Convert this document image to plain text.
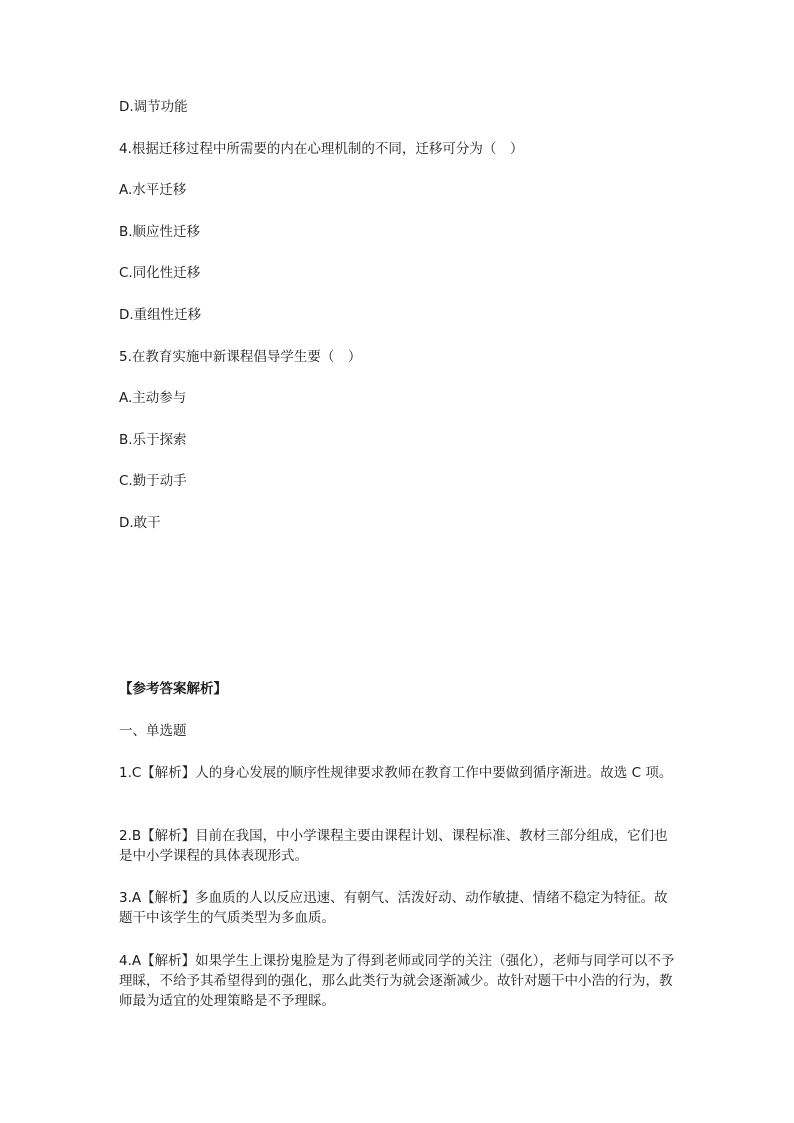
D.调节功能

4.根据迁移过程中所需要的内在心理机制的不同，迁移可分为（　）

A.水平迁移

B.顺应性迁移

C.同化性迁移

D.重组性迁移

5.在教育实施中新课程倡导学生要（　）

A.主动参与

B.乐于探索

C.勤于动手

D.敢干

【参考答案解析】

一、单选题

1.C【解析】人的身心发展的顺序性规律要求教师在教育工作中要做到循序渐进。故选 C 项。

2.B【解析】目前在我国，中小学课程主要由课程计划、课程标准、教材三部分组成，它们也是中小学课程的具体表现形式。

3.A【解析】多血质的人以反应迅速、有朝气、活泼好动、动作敏捷、情绪不稳定为特征。故题干中该学生的气质类型为多血质。

4.A【解析】如果学生上课扮鬼脸是为了得到老师或同学的关注（强化），老师与同学可以不予理睬，不给予其希望得到的强化，那么此类行为就会逐渐减少。故针对题干中小浩的行为，教师最为适宜的处理策略是不予理睬。
